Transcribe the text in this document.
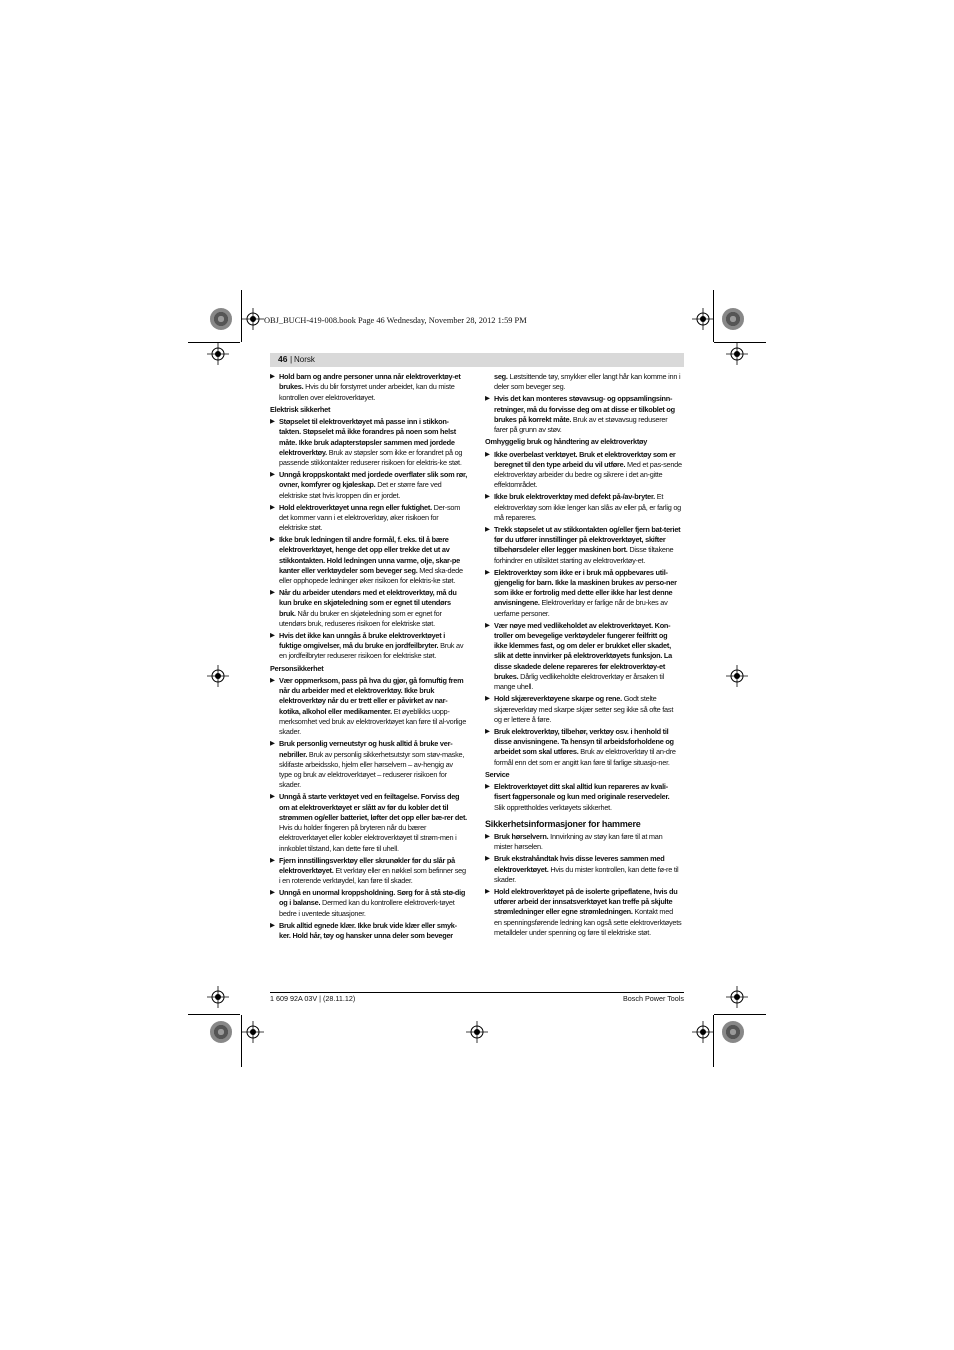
OBJ_BUCH-419-008.book Page 46 Wednesday, November 28, 2012 1:59 PM
46 | Norsk
▶ Hold barn og andre personer unna når elektroverktøy-et brukes. Hvis du blir forstyrret under arbeidet, kan du miste kontrollen over elektroverktøyet.
Elektrisk sikkerhet
▶ Støpselet til elektroverktøyet må passe inn i stikkon-takten. Støpselet må ikke forandres på noen som helst måte. Ikke bruk adapterstøpsler sammen med jordede elektroverktøy. Bruk av støpsler som ikke er forandret på og passende stikkontakter reduserer risikoen for elektris-ke støt.
▶ Unngå kroppskontakt med jordede overflater slik som rør, ovner, komfyrer og kjøleskap. Det er større fare ved elektriske støt hvis kroppen din er jordet.
▶ Hold elektroverktøyet unna regn eller fuktighet. Der-som det kommer vann i et elektroverktøy, øker risikoen for elektriske støt.
▶ Ikke bruk ledningen til andre formål, f. eks. til å bære elektroverktøyet, henge det opp eller trekke det ut av stikkontakten. Hold ledningen unna varme, olje, skar-pe kanter eller verktøydeler som beveger seg. Med ska-dede eller opphopede ledninger øker risikoen for elektris-ke støt.
▶ Når du arbeider utendørs med et elektroverktøy, må du kun bruke en skjøteledning som er egnet til utendørs bruk. Når du bruker en skjøteledning som er egnet for utendørs bruk, reduseres risikoen for elektriske støt.
▶ Hvis det ikke kan unngås å bruke elektroverktøyet i fuktige omgivelser, må du bruke en jordfeilbryter. Bruk av en jordfeilbryter reduserer risikoen for elektriske støt.
Personsikkerhet
▶ Vær oppmerksom, pass på hva du gjør, gå fornuftig frem når du arbeider med et elektroverktøy. Ikke bruk elektroverktøy når du er trett eller er påvirket av nar-kotika, alkohol eller medikamenter. Et øyeblikks uopp-merksomhet ved bruk av elektroverktøyet kan føre til al-vorlige skader.
▶ Bruk personlig verneutstyr og husk alltid å bruke ver-nebriller. Bruk av personlig sikkerhetsutstyr som støv-maske, sklifaste arbeidssko, hjelm eller hørselvern – av-hengig av type og bruk av elektroverktøyet – reduserer risikoen for skader.
▶ Unngå å starte verktøyet ved en feiltagelse. Forviss deg om at elektroverktøyet er slått av før du kobler det til strømmen og/eller batteriet, løfter det opp eller bæ-rer det. Hvis du holder fingeren på bryteren når du bærer elektroverktøyet eller kobler elektroverktøyet til strøm-men i innkoblet tilstand, kan dette føre til uhell.
▶ Fjern innstillingsverktøy eller skrunøkler før du slår på elektroverktøyet. Et verktøy eller en nøkkel som befinner seg i en roterende verktøydel, kan føre til skader.
▶ Unngå en unormal kroppsholdning. Sørg for å stå stø-dig og i balanse. Dermed kan du kontrollere elektroverk-tøyet bedre i uventede situasjoner.
▶ Bruk alltid egnede klær. Ikke bruk vide klær eller smyk-ker. Hold hår, tøy og hansker unna deler som beveger
seg. Løstsittende tøy, smykker eller langt hår kan komme inn i deler som beveger seg.
▶ Hvis det kan monteres støvavsug- og oppsamlingsinn-retninger, må du forvisse deg om at disse er tilkoblet og brukes på korrekt måte. Bruk av et støvavsug reduserer farer på grunn av støv.
Omhyggelig bruk og håndtering av elektroverktøy
▶ Ikke overbelast verktøyet. Bruk et elektroverktøy som er beregnet til den type arbeid du vil utføre. Med et pas-sende elektroverktøy arbeider du bedre og sikrere i det an-gitte effektområdet.
▶ Ikke bruk elektroverktøy med defekt på-/av-bryter. Et elektroverktøy som ikke lenger kan slås av eller på, er farlig og må repareres.
▶ Trekk støpselet ut av stikkontakten og/eller fjern bat-teriet før du utfører innstillinger på elektroverktøyet, skifter tilbehørsdeler eller legger maskinen bort. Disse tiltakene forhindrer en utilsiktet starting av elektroverktøy-et.
▶ Elektroverktøy som ikke er i bruk må oppbevares util-gjengelig for barn. Ikke la maskinen brukes av perso-ner som ikke er fortrolig med dette eller ikke har lest denne anvisningene. Elektroverktøy er farlige når de bru-kes av uerfarne personer.
▶ Vær nøye med vedlikeholdet av elektroverktøyet. Kon-troller om bevegelige verktøydeler fungerer feilfritt og ikke klemmes fast, og om deler er brukket eller skadet, slik at dette innvirker på elektroverktøyets funksjon. La disse skadede delene repareres før elektroverktøy-et brukes. Dårlig vedlikeholdte elektroverktøy er årsaken til mange uhell.
▶ Hold skjæreverktøyene skarpe og rene. Godt stelte skjæreverktøy med skarpe skjær setter seg ikke så ofte fast og er lettere å føre.
▶ Bruk elektroverktøy, tilbehør, verktøy osv. i henhold til disse anvisningene. Ta hensyn til arbeidsforholdene og arbeidet som skal utføres. Bruk av elektroverktøy til an-dre formål enn det som er angitt kan føre til farlige situasjo-ner.
Service
▶ Elektroverktøyet ditt skal alltid kun repareres av kvali-fisert fagpersonale og kun med originale reservedeler. Slik opprettholdes verktøyets sikkerhet.
Sikkerhetsinformasjoner for hammere
▶ Bruk hørselvern. Innvirkning av støy kan føre til at man mister hørselen.
▶ Bruk ekstrahåndtak hvis disse leveres sammen med elektroverktøyet. Hvis du mister kontrollen, kan dette fø-re til skader.
▶ Hold elektroverktøyet på de isolerte gripeflatene, hvis du utfører arbeid der innsatsverktøyet kan treffe på skjulte strømledninger eller egne strømledningen. Kontakt med en spenningsførende ledning kan også sette elektroverktøyets metalldeler under spenning og føre til elektriske støt.
1 609 92A 03V | (28.11.12)	Bosch Power Tools
